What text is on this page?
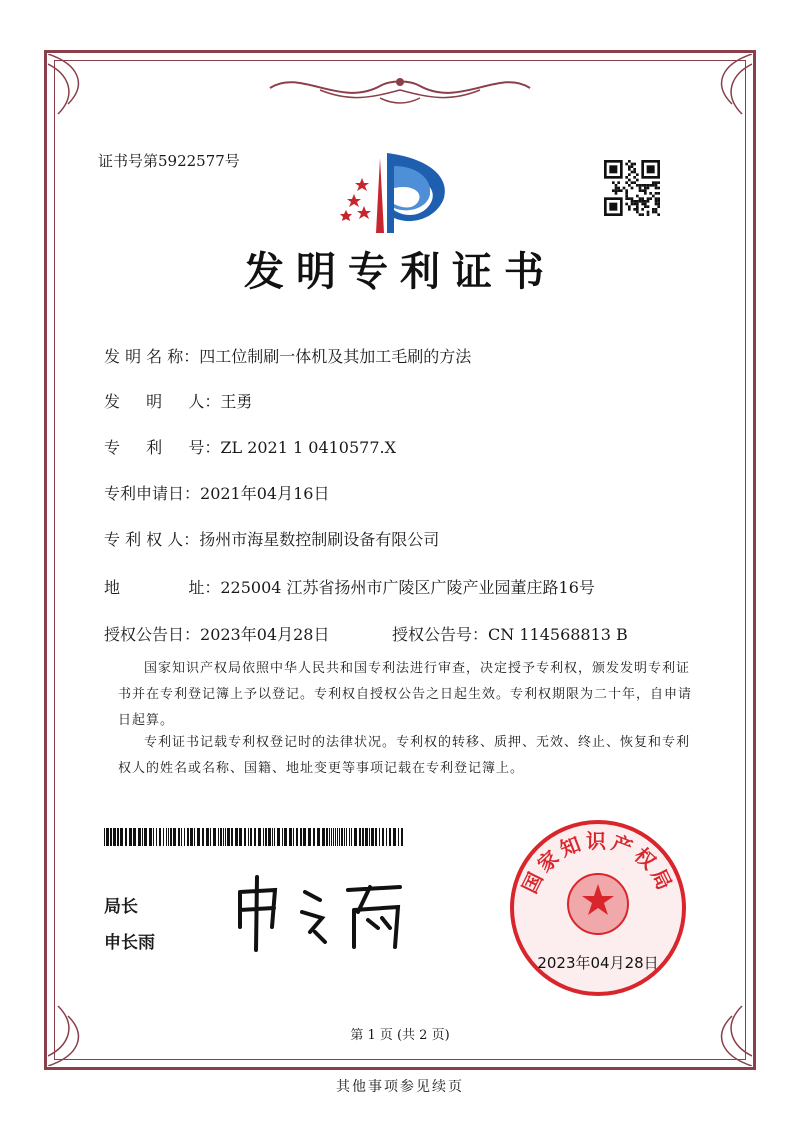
证书号第5922577号
发明专利证书
发 明 名 称：四工位制刷一体机及其加工毛刷的方法
发 　 明 　 人：王勇
专 　 利 　 号：ZL 2021 1 0410577.X
专利申请日：2021年04月16日
专 利 权 人：扬州市海星数控制刷设备有限公司
地 　 　 　 址：225004 江苏省扬州市广陵区广陵产业园董庄路16号
授权公告日：2023年04月28日	授权公告号：CN 114568813 B
国家知识产权局依照中华人民共和国专利法进行审查，决定授予专利权，颁发发明专利证书并在专利登记簿上予以登记。专利权自授权公告之日起生效。专利权期限为二十年，自申请日起算。
专利证书记载专利权登记时的法律状况。专利权的转移、质押、无效、终止、恢复和专利权人的姓名或名称、国籍、地址变更等事项记载在专利登记簿上。
局长
申长雨
国家知识产权局
2023年04月28日
第 1 页 (共 2 页)
其他事项参见续页
